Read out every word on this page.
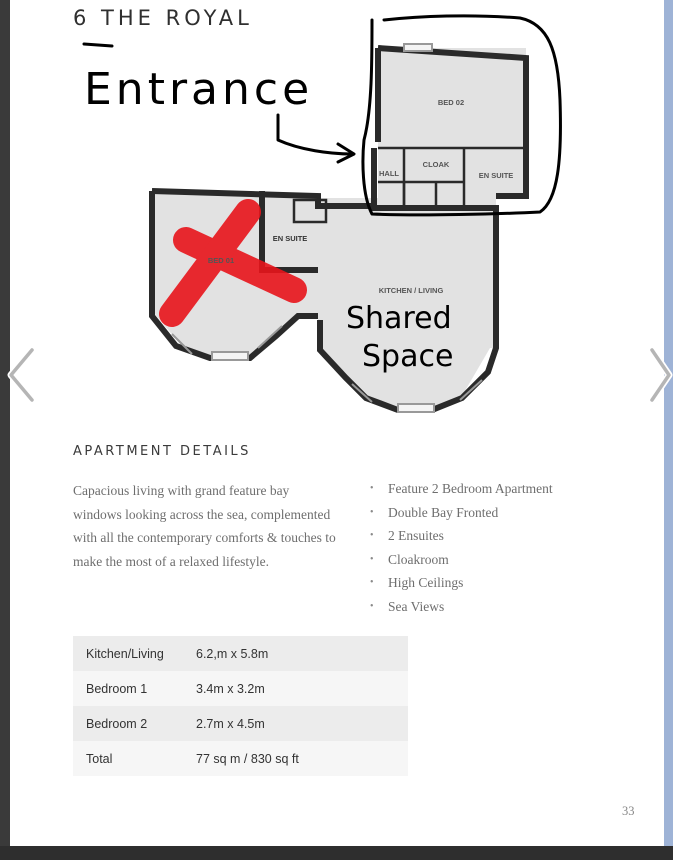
6 THE ROYAL
BED 02
CLOAK
HALL	EN SUITE
EN SUITE
BED 01
KITCHEN / LIVING
Entrance
Shared
Space
APARTMENT DETAILS
Capacious living with grand feature bay windows looking across the sea, complemented with all the contemporary comforts & touches to make the most of a relaxed lifestyle.
• Feature 2 Bedroom Apartment
• Double Bay Fronted
• 2 Ensuites
• Cloakroom
• High Ceilings
• Sea Views
Kitchen/Living	6.2,m x 5.8m
Bedroom 1	3.4m x 3.2m
Bedroom 2	2.7m x 4.5m
Total	77 sq m / 830 sq ft
33
